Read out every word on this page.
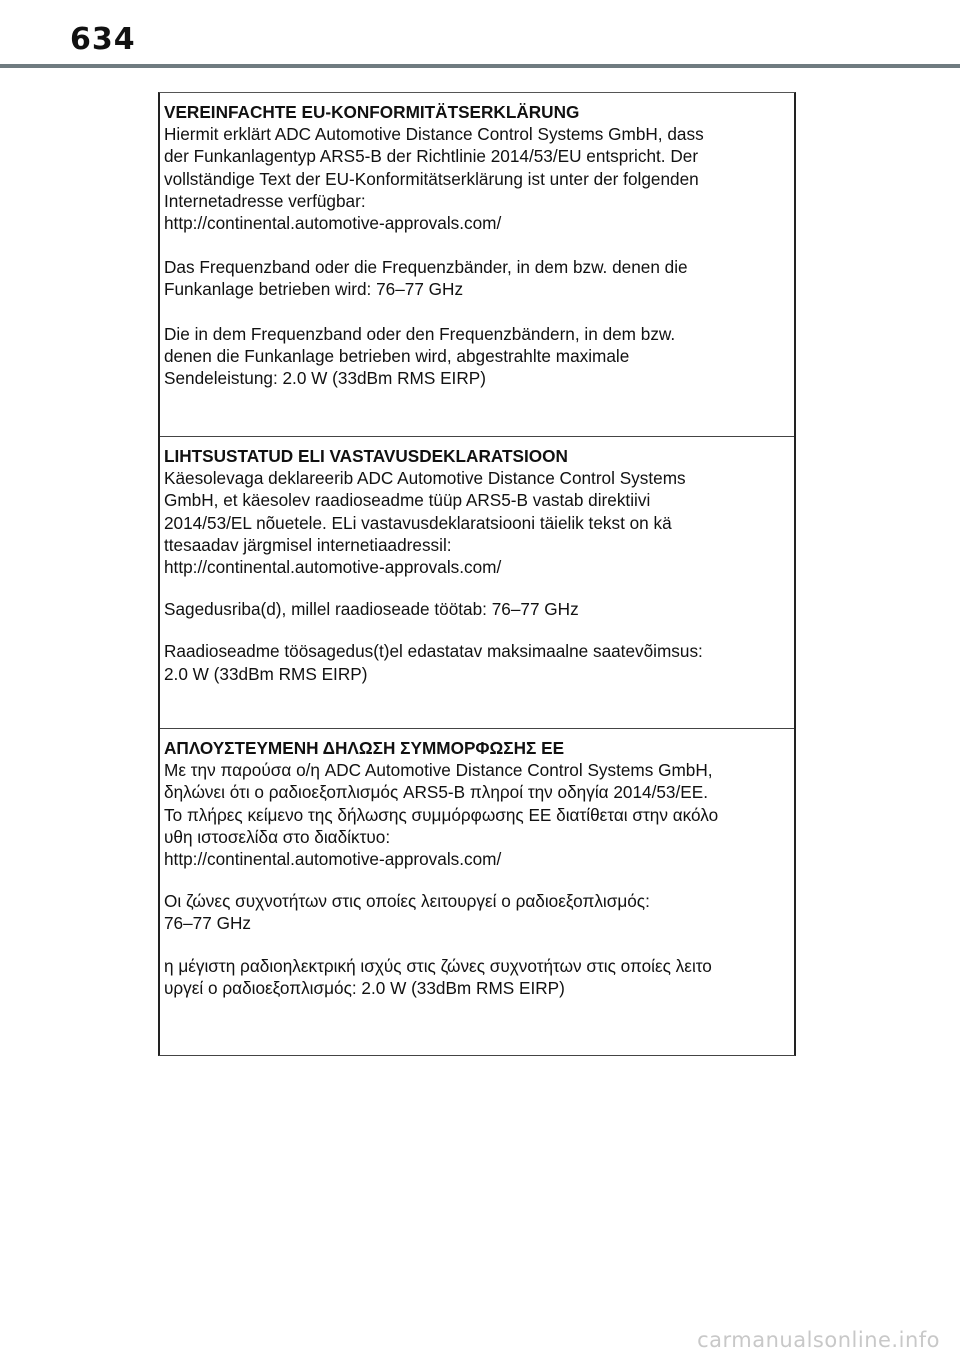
634
VEREINFACHTE EU-KONFORMITÄTSERKLÄRUNG
Hiermit erklärt ADC Automotive Distance Control Systems GmbH, dass
der Funkanlagentyp ARS5-B der Richtlinie 2014/53/EU entspricht. Der
vollständige Text der EU-Konformitätserklärung ist unter der folgenden
Internetadresse verfügbar:
http://continental.automotive-approvals.com/
Das Frequenzband oder die Frequenzbänder, in dem bzw. denen die
Funkanlage betrieben wird: 76–77 GHz
Die in dem Frequenzband oder den Frequenzbändern, in dem bzw.
denen die Funkanlage betrieben wird, abgestrahlte maximale
Sendeleistung: 2.0 W (33dBm RMS EIRP)
LIHTSUSTATUD ELI VASTAVUSDEKLARATSIOON
Käesolevaga deklareerib ADC Automotive Distance Control Systems
GmbH, et käesolev raadioseadme tüüp ARS5-B vastab direktiivi
2014/53/EL nõuetele. ELi vastavusdeklaratsiooni täielik tekst on kä
ttesaadav järgmisel internetiaadressil:
http://continental.automotive-approvals.com/
Sagedusriba(d), millel raadioseade töötab: 76–77 GHz
Raadioseadme töösagedus(t)el edastatav maksimaalne saatevõimsus:
2.0 W (33dBm RMS EIRP)
ΑΠΛΟΥΣΤΕΥΜΕΝΗ ΔΗΛΩΣΗ ΣΥΜΜΟΡΦΩΣΗΣ ΕΕ
Με την παρούσα ο/η ADC Automotive Distance Control Systems GmbH,
δηλώνει ότι ο ραδιοεξοπλισμός ARS5-B πληροί την οδηγία 2014/53/ΕΕ.
Το πλήρες κείμενο της δήλωσης συμμόρφωσης ΕΕ διατίθεται στην ακόλο
υθη ιστοσελίδα στο διαδίκτυο:
http://continental.automotive-approvals.com/
Οι ζώνες συχνοτήτων στις οποίες λειτουργεί ο ραδιοεξοπλισμός:
76–77 GHz
η μέγιστη ραδιοηλεκτρική ισχύς στις ζώνες συχνοτήτων στις οποίες λειτο
υργεί ο ραδιοεξοπλισμός: 2.0 W (33dBm RMS EIRP)
carmanualsonline.info
